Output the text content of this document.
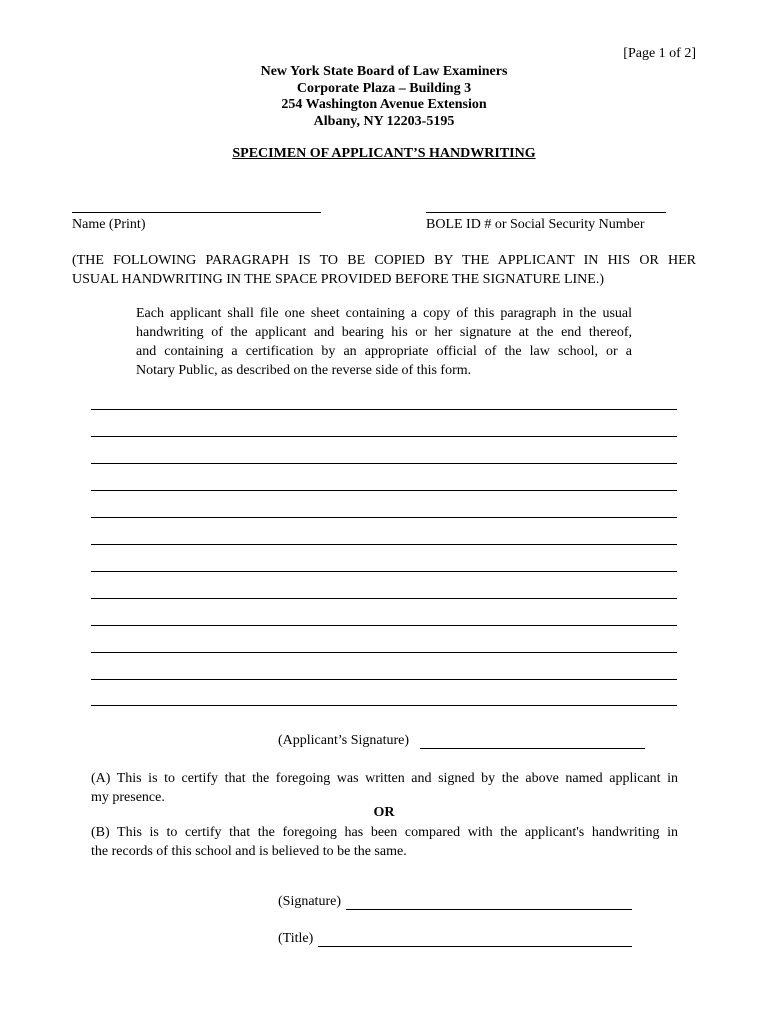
[Page 1 of 2]
New York State Board of Law Examiners
Corporate Plaza – Building 3
254 Washington Avenue Extension
Albany, NY 12203-5195
SPECIMEN OF APPLICANT’S HANDWRITING
Name (Print)	BOLE ID # or Social Security Number
(THE FOLLOWING PARAGRAPH IS TO BE COPIED BY THE APPLICANT IN HIS OR HER
USUAL HANDWRITING IN THE SPACE PROVIDED BEFORE THE SIGNATURE LINE.)
Each applicant shall file one sheet containing a copy of this paragraph in the usual
handwriting of the applicant and bearing his or her signature at the end thereof,
and containing a certification by an appropriate official of the law school, or a
Notary Public, as described on the reverse side of this form.
(Applicant’s Signature)
(A) This is to certify that the foregoing was written and signed by the above named applicant in
my presence.
OR
(B) This is to certify that the foregoing has been compared with the applicant's handwriting in
the records of this school and is believed to be the same.
(Signature)
(Title)
